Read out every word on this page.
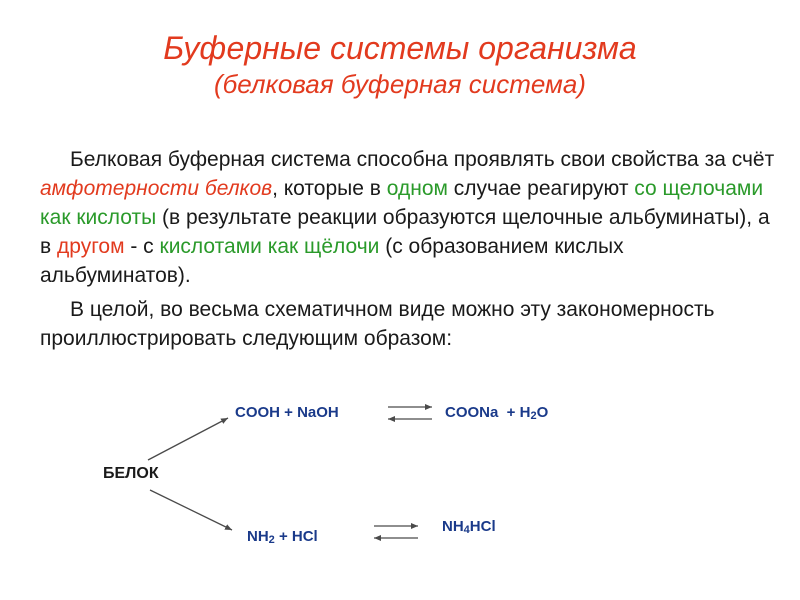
Буферные системы организма
(белковая буферная система)

Белковая буферная система способна проявлять свои свойства за счёт амфотерности белков, которые в одном случае реагируют со щелочами как кислоты (в результате реакции образуются щелочные альбуминаты), а в другом - с кислотами как щёлочи (с образованием кислых альбуминатов).

В целой, во весьма схематичном виде можно эту закономерность проиллюстрировать следующим образом:

БЕЛОК
COOH + NaOH	COONa  + $H_2O$
$NH_2$ + HCl
$NH_4HCl$
